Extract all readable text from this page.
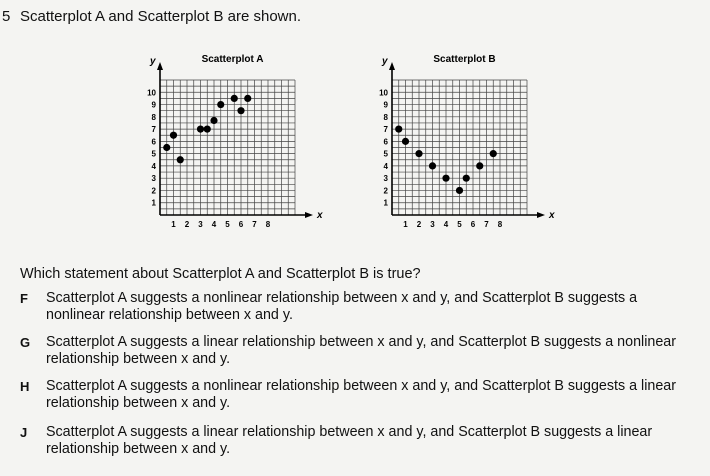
5 Scatterplot A and Scatterplot B are shown.
Scatterplot A
x
y
1 2 3 4 5 6 7 8
1
2
3
4
5
6
7
8
9
10
Scatterplot B
x
y
1 2 3 4 5 6 7 8
1
2
3
4
5
6
7
8
9
10
Which statement about Scatterplot A and Scatterplot B is true?
F	Scatterplot A suggests a nonlinear relationship between x and y, and Scatterplot B suggests a nonlinear relationship between x and y.
G	Scatterplot A suggests a linear relationship between x and y, and Scatterplot B suggests a nonlinear relationship between x and y.
H	Scatterplot A suggests a nonlinear relationship between x and y, and Scatterplot B suggests a linear relationship between x and y.
J	Scatterplot A suggests a linear relationship between x and y, and Scatterplot B suggests a linear relationship between x and y.
